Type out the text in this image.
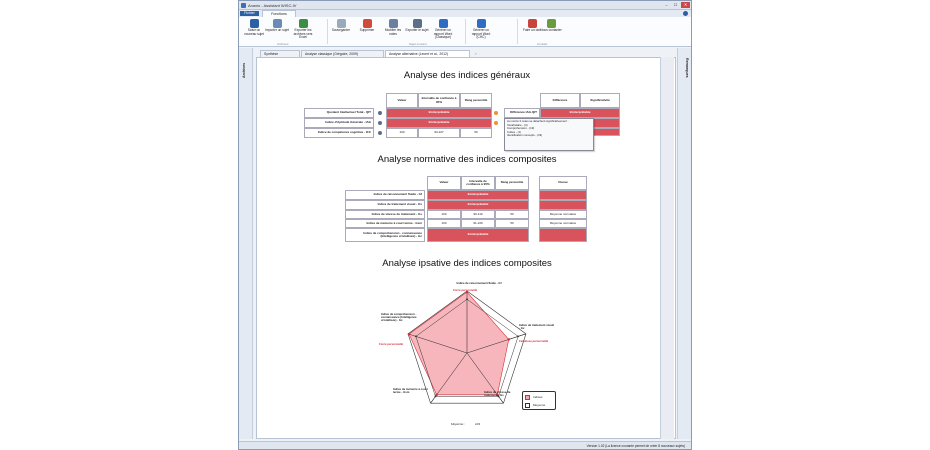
Anaxio - Assistant WISC-IV	–	☐	✕
Fichier	Fonctions
Saisir un nouveau sujet
Importer un sujet	Exporter les archives vers Excel
Sauvegarder	Supprimer	Modifier les notes
Exporter le sujet	Générer un rapport Word (Classique)
Générer un rapport Word (CHC)
Faire un don Nous contacter
Archives	Sujet courant	Contact
Archives
Synthèse	Analyse classique (Grégoire, 2009)	Analyse alternative (Lecerf et al., 2012)	▫
Analyse des indices généraux
Valeur	Intervalle de confiance à 95%	Rang percentile
Quotient Intellectuel Total - QIT	Ininterprétable
Indice d'Aptitude Générale - IAG	Ininterprétable
Indice de compétence cognitive - ICC	100	93-107	50
Différence	Significativité
Différence IAG-QIT	Ininterprétable
Au moins 3 notes se détachent significativement :
Vocabulaire - (4)
Compréhension - (19)
Cubes - (1)
Identification concepts - (19)
Analyse normative des indices composites
Valeur	Intervalle de confiance à 95%	Rang percentile	Classe
Indice de raisonnement fluide - Gf	Ininterprétable
Indice de traitement visuel - Gv	Ininterprétable
Indice de vitesse de traitement - Gs	100	90-110	50	Moyenne normative
Indice de mémoire à court terme - Gsm	100	91-109	50	Moyenne normative
Indice de compréhension - connaissance (Intelligence cristallisée) - Gc	Ininterprétable
Analyse ipsative des indices composites
Indice de raisonnement fluide - Gf
Force personnelle
Indice de traitement visuel - Gv
Faiblesse personnelle
Indice de vitesse de traitement - Gs
Indice de mémoire à court terme - Gsm
Indice de compréhension - connaissance (Intelligence cristallisée) - Gc
Force personnelle
Indices
Moyenne
Moyenne :	104
Remarques
Version 1.02 (La licence courante permet de créer 8 nouveaux sujets)
